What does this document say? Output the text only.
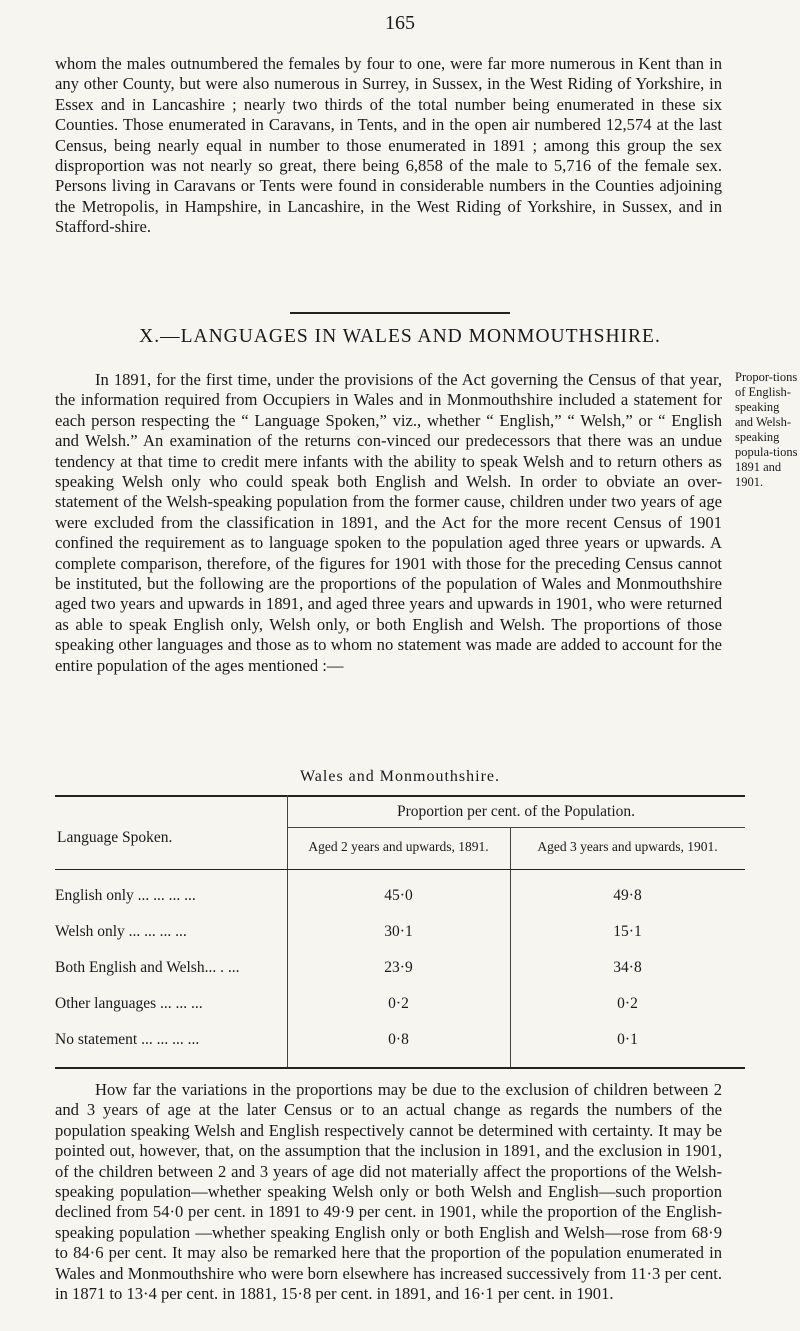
165

whom the males outnumbered the females by four to one, were far more numerous in Kent than in any other County, but were also numerous in Surrey, in Sussex, in the West Riding of Yorkshire, in Essex and in Lancashire ; nearly two thirds of the total number being enumerated in these six Counties. Those enumerated in Caravans, in Tents, and in the open air numbered 12,574 at the last Census, being nearly equal in number to those enumerated in 1891 ; among this group the sex disproportion was not nearly so great, there being 6,858 of the male to 5,716 of the female sex. Persons living in Caravans or Tents were found in considerable numbers in the Counties adjoining the Metropolis, in Hampshire, in Lancashire, in the West Riding of Yorkshire, in Sussex, and in Stafford-shire.

X.—LANGUAGES IN WALES AND MONMOUTHSHIRE.

In 1891, for the first time, under the provisions of the Act governing the Census of that year, the information required from Occupiers in Wales and in Monmouthshire included a statement for each person respecting the “ Language Spoken,” viz., whether “ English,” “ Welsh,” or “ English and Welsh.” An examination of the returns con-vinced our predecessors that there was an undue tendency at that time to credit mere infants with the ability to speak Welsh and to return others as speaking Welsh only who could speak both English and Welsh. In order to obviate an over-statement of the Welsh-speaking population from the former cause, children under two years of age were excluded from the classification in 1891, and the Act for the more recent Census of 1901 confined the requirement as to language spoken to the population aged three years or upwards. A complete comparison, therefore, of the figures for 1901 with those for the preceding Census cannot be instituted, but the following are the proportions of the population of Wales and Monmouthshire aged two years and upwards in 1891, and aged three years and upwards in 1901, who were returned as able to speak English only, Welsh only, or both English and Welsh. The proportions of those speaking other languages and those as to whom no statement was made are added to account for the entire population of the ages mentioned :—

Propor-tions of English-speaking and Welsh-speaking popula-tions 1891 and 1901.
Wales and Monmouthshire.
Language Spoken.
Proportion per cent. of the Population.
Aged 2 years and upwards, 1891.	Aged 3 years and upwards, 1901.
English only ... ... ... ...	45·0	49·8
Welsh only ... ... ... ...	30·1	15·1
Both English and Welsh... . ...	23·9	34·8
Other languages ... ... ...	0·2	0·2
No statement ... ... ... ...	0·8	0·1

How far the variations in the proportions may be due to the exclusion of children between 2 and 3 years of age at the later Census or to an actual change as regards the numbers of the population speaking Welsh and English respectively cannot be determined with certainty. It may be pointed out, however, that, on the assumption that the inclusion in 1891, and the exclusion in 1901, of the children between 2 and 3 years of age did not materially affect the proportions of the Welsh-speaking population—whether speaking Welsh only or both Welsh and English—such proportion declined from 54·0 per cent. in 1891 to 49·9 per cent. in 1901, while the proportion of the English-speaking population —whether speaking English only or both English and Welsh—rose from 68·9 to 84·6 per cent. It may also be remarked here that the proportion of the population enumerated in Wales and Monmouthshire who were born elsewhere has increased successively from 11·3 per cent. in 1871 to 13·4 per cent. in 1881, 15·8 per cent. in 1891, and 16·1 per cent. in 1901.
